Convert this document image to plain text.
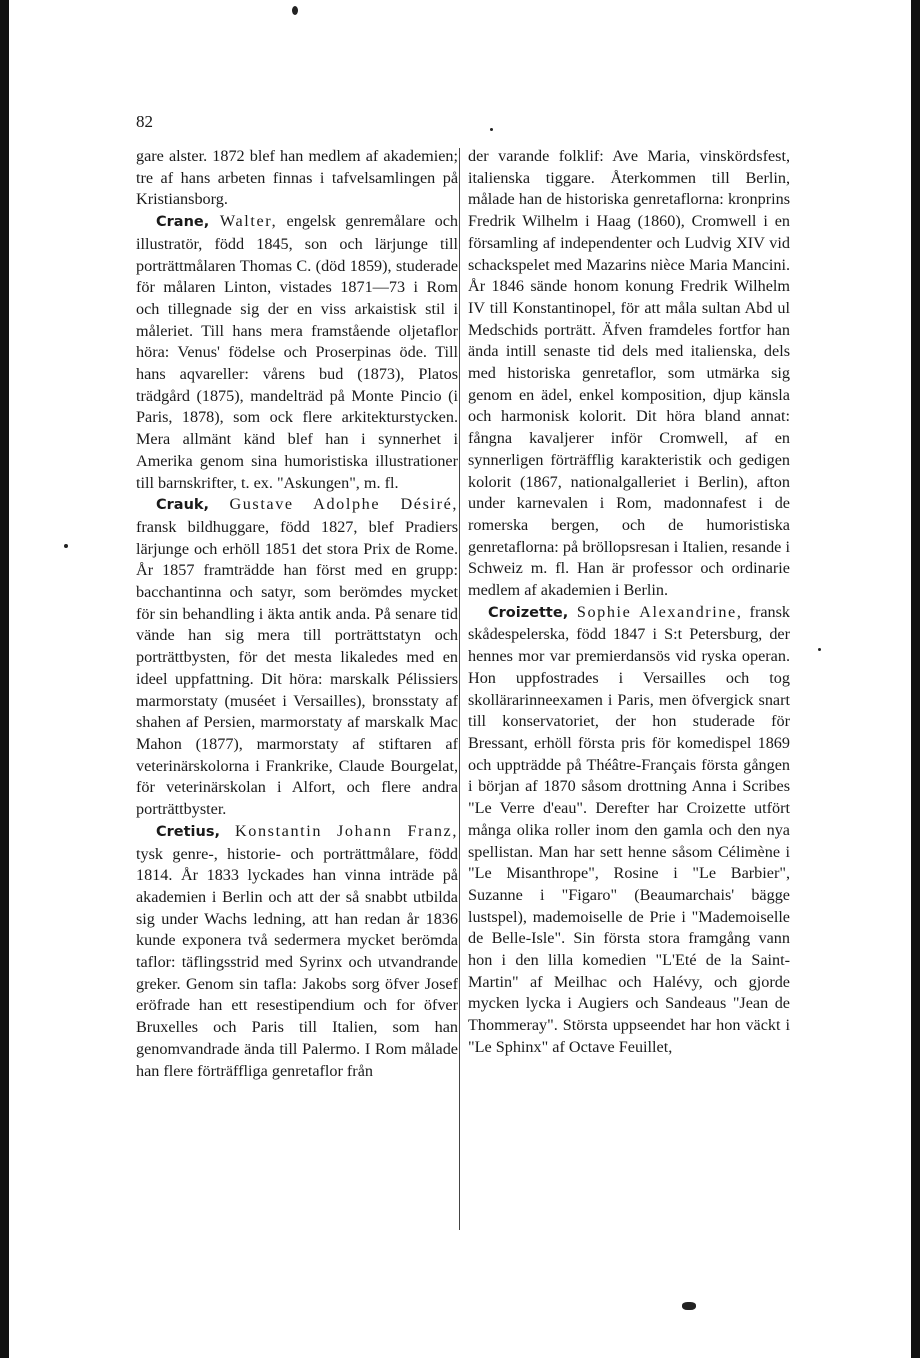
82

gare alster. 1872 blef han medlem af akademien; tre af hans arbeten finnas i tafvelsamlingen på Kristiansborg.

Crane, Walter, engelsk genremålare och illustratör, född 1845, son och lärjunge till porträttmålaren Thomas C. (död 1859), studerade för målaren Linton, vistades 1871—73 i Rom och tillegnade sig der en viss arkaistisk stil i måleriet. Till hans mera framstående oljetaflor höra: Venus' födelse och Proserpinas öde. Till hans aqvareller: vårens bud (1873), Platos trädgård (1875), mandelträd på Monte Pincio (i Paris, 1878), som ock flere arkitekturstycken. Mera allmänt känd blef han i synnerhet i Amerika genom sina humoristiska illustrationer till barnskrifter, t. ex. "Askungen", m. fl.

Crauk, Gustave Adolphe Désiré, fransk bildhuggare, född 1827, blef Pradiers lärjunge och erhöll 1851 det stora Prix de Rome. År 1857 framträdde han först med en grupp: bacchantinna och satyr, som berömdes mycket för sin behandling i äkta antik anda. På senare tid vände han sig mera till porträttstatyn och porträttbysten, för det mesta likaledes med en ideel uppfattning. Dit höra: marskalk Pélissiers marmorstaty (muséet i Versailles), bronsstaty af shahen af Persien, marmorstaty af marskalk Mac Mahon (1877), marmorstaty af stiftaren af veterinärskolorna i Frankrike, Claude Bourgelat, för veterinärskolan i Alfort, och flere andra porträttbyster.

Cretius, Konstantin Johann Franz, tysk genre-, historie- och porträttmålare, född 1814. År 1833 lyckades han vinna inträde på akademien i Berlin och att der så snabbt utbilda sig under Wachs ledning, att han redan år 1836 kunde exponera två sedermera mycket berömda taflor: täflingsstrid med Syrinx och utvandrande greker. Genom sin tafla: Jakobs sorg öfver Josef eröfrade han ett resestipendium och for öfver Bruxelles och Paris till Italien, som han genomvandrade ända till Palermo. I Rom målade han flere förträffliga genretaflor från

der varande folklif: Ave Maria, vinskördsfest, italienska tiggare. Återkommen till Berlin, målade han de historiska genretaflorna: kronprins Fredrik Wilhelm i Haag (1860), Cromwell i en församling af independenter och Ludvig XIV vid schackspelet med Mazarins nièce Maria Mancini. År 1846 sände honom konung Fredrik Wilhelm IV till Konstantinopel, för att måla sultan Abd ul Medschids porträtt. Äfven framdeles fortfor han ända intill senaste tid dels med italienska, dels med historiska genretaflor, som utmärka sig genom en ädel, enkel komposition, djup känsla och harmonisk kolorit. Dit höra bland annat: fångna kavaljerer inför Cromwell, af en synnerligen förträfflig karakteristik och gedigen kolorit (1867, nationalgalleriet i Berlin), afton under karnevalen i Rom, madonnafest i de romerska bergen, och de humoristiska genretaflorna: på bröllopsresan i Italien, resande i Schweiz m. fl. Han är professor och ordinarie medlem af akademien i Berlin.

Croizette, Sophie Alexandrine, fransk skådespelerska, född 1847 i S:t Petersburg, der hennes mor var premierdansös vid ryska operan. Hon uppfostrades i Versailles och tog skollärarinneexamen i Paris, men öfvergick snart till konservatoriet, der hon studerade för Bressant, erhöll första pris för komedispel 1869 och uppträdde på Théâtre-Français första gången i början af 1870 såsom drottning Anna i Scribes "Le Verre d'eau". Derefter har Croizette utfört många olika roller inom den gamla och den nya spellistan. Man har sett henne såsom Célimène i "Le Misanthrope", Rosine i "Le Barbier", Suzanne i "Figaro" (Beaumarchais' bägge lustspel), mademoiselle de Prie i "Mademoiselle de Belle-Isle". Sin första stora framgång vann hon i den lilla komedien "L'Eté de la Saint-Martin" af Meilhac och Halévy, och gjorde mycken lycka i Augiers och Sandeaus "Jean de Thommeray". Största uppseendet har hon väckt i "Le Sphinx" af Octave Feuillet,
